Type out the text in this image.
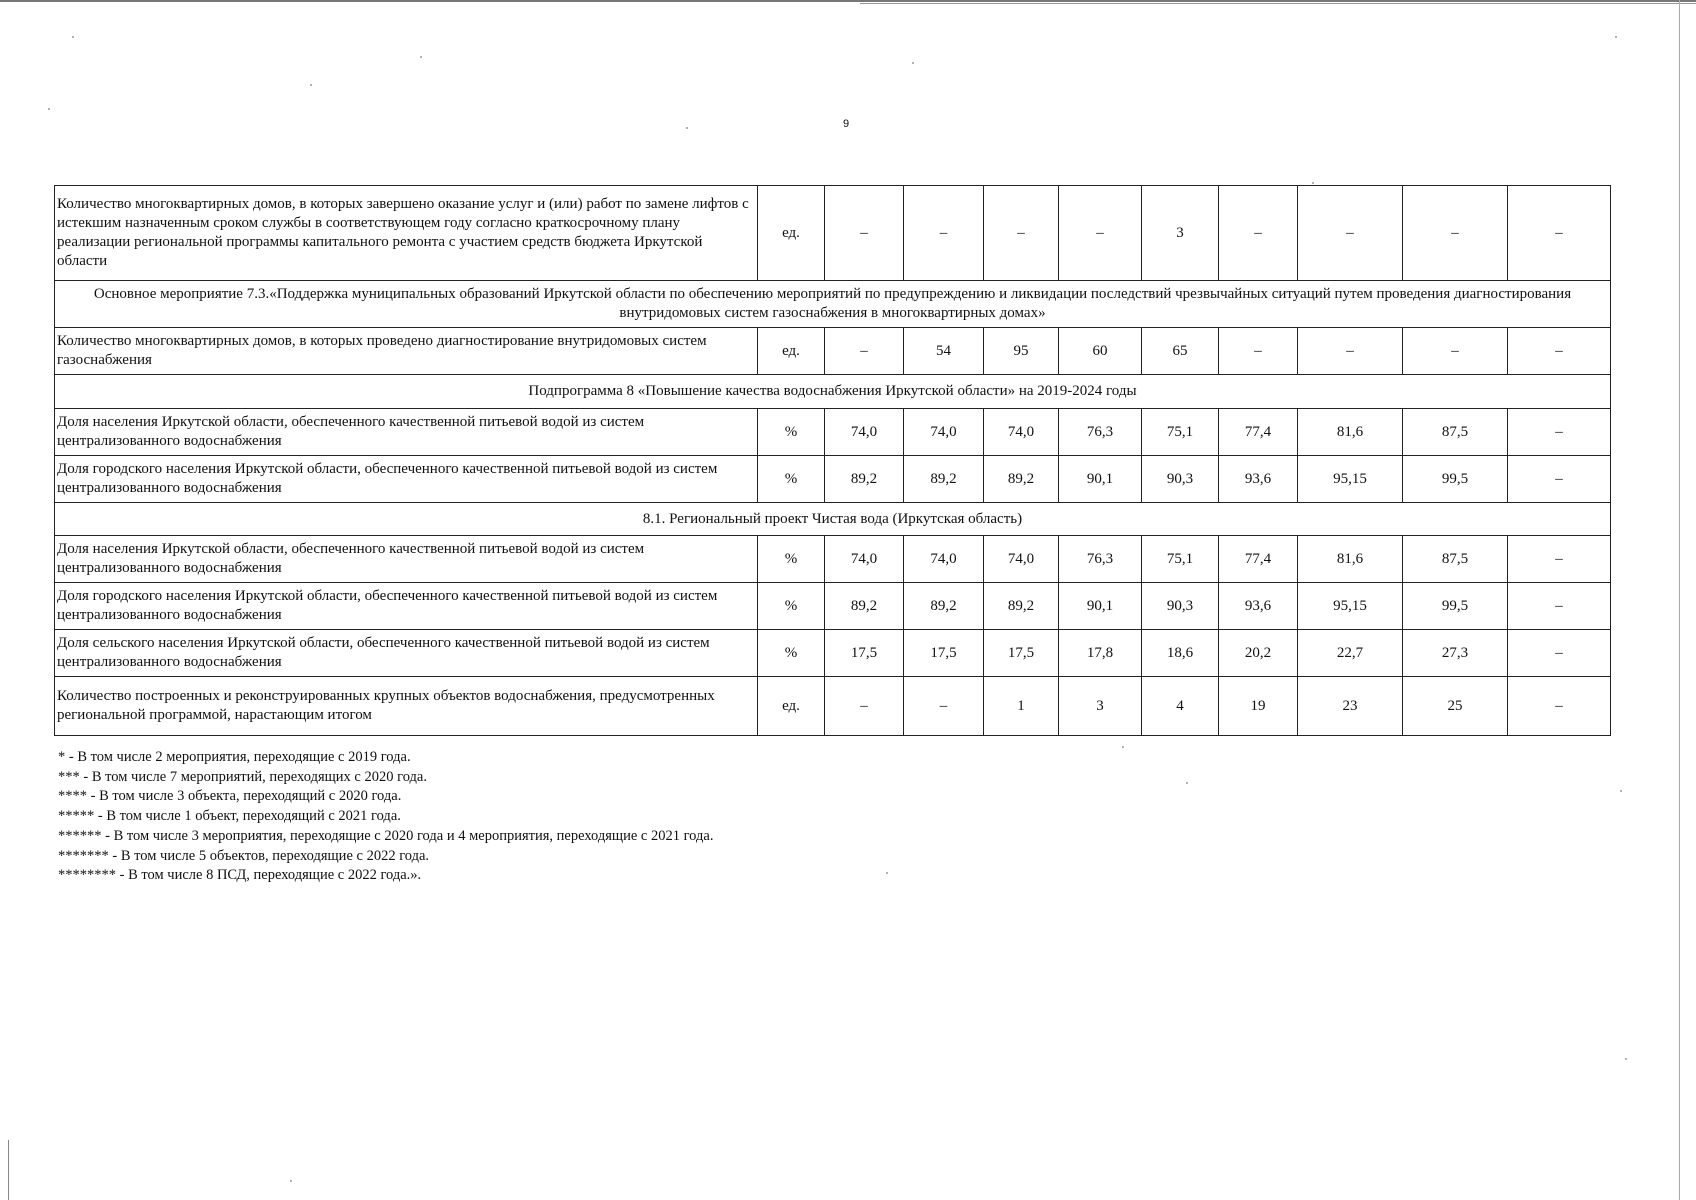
9
Количество многоквартирных домов, в которых завершено оказание услуг и (или) работ по замене лифтов с истекшим назначенным сроком службы в соответствующем году согласно краткосрочному плану реализации региональной программы капитального ремонта с участием средств бюджета Иркутской области	ед.	–	–	–	–	3	–	–	–	–
Основное мероприятие 7.3.«Поддержка муниципальных образований Иркутской области по обеспечению мероприятий по предупреждению и ликвидации последствий чрезвычайных ситуаций путем проведения диагностирования внутридомовых систем газоснабжения в многоквартирных домах»										
Количество многоквартирных домов, в которых проведено диагностирование внутридомовых систем газоснабжения	ед.	–	54	95	60	65	–	–	–	–
Подпрограмма 8 «Повышение качества водоснабжения Иркутской области» на 2019-2024 годы										
Доля населения Иркутской области, обеспеченного качественной питьевой водой из систем централизованного водоснабжения	%	74,0	74,0	74,0	76,3	75,1	77,4	81,6	87,5	–
Доля городского населения Иркутской области, обеспеченного качественной питьевой водой из систем централизованного водоснабжения	%	89,2	89,2	89,2	90,1	90,3	93,6	95,15	99,5	–
8.1. Региональный проект Чистая вода (Иркутская область)										
Доля населения Иркутской области, обеспеченного качественной питьевой водой из систем централизованного водоснабжения	%	74,0	74,0	74,0	76,3	75,1	77,4	81,6	87,5	–
Доля городского населения Иркутской области, обеспеченного качественной питьевой водой из систем централизованного водоснабжения	%	89,2	89,2	89,2	90,1	90,3	93,6	95,15	99,5	–
Доля сельского населения Иркутской области, обеспеченного качественной питьевой водой из систем централизованного водоснабжения	%	17,5	17,5	17,5	17,8	18,6	20,2	22,7	27,3	–
Количество построенных и реконструированных крупных объектов водоснабжения, предусмотренных региональной программой, нарастающим итогом	ед.	–	–	1	3	4	19	23	25	–
* - В том числе 2 мероприятия, переходящие с 2019 года.
*** - В том числе 7 мероприятий, переходящих с 2020 года.
**** - В том числе 3 объекта, переходящий с 2020 года.
***** - В том числе 1 объект, переходящий с 2021 года.
****** - В том числе 3 мероприятия, переходящие с 2020 года и 4 мероприятия, переходящие с 2021 года.
******* - В том числе 5 объектов, переходящие с 2022 года.
******** - В том числе 8 ПСД, переходящие с 2022 года.».
